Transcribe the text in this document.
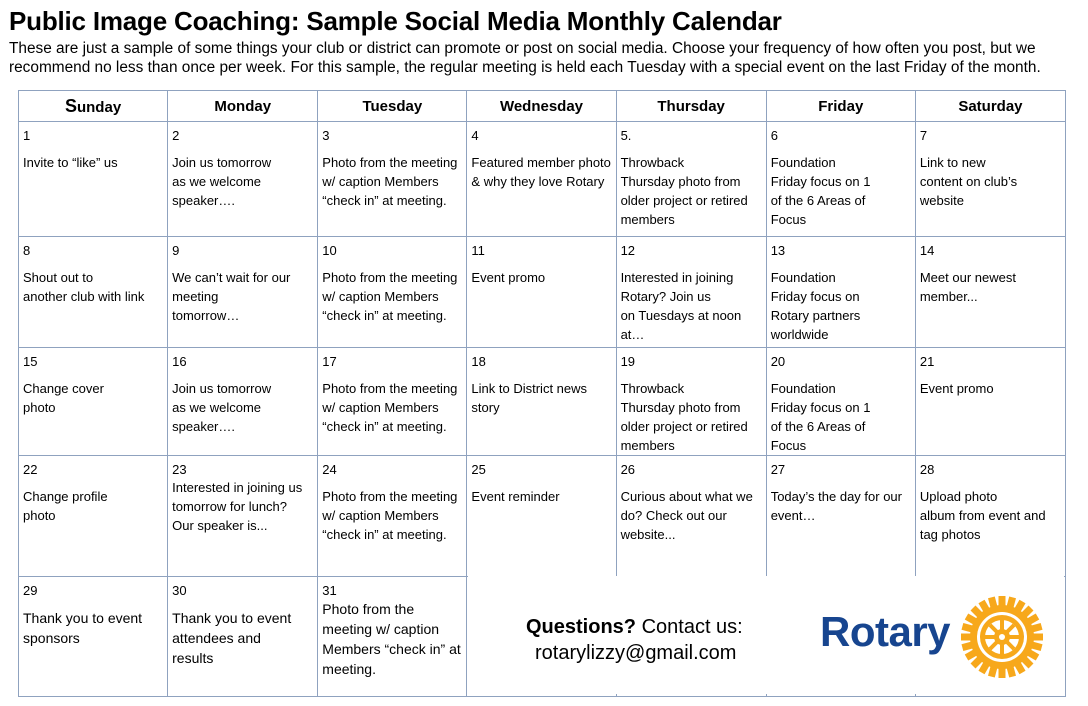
Public Image Coaching: Sample Social Media Monthly Calendar
These are just a sample of some things your club or district can promote or post on social media. Choose your frequency of how often you post, but we recommend no less than once per week. For this sample, the regular meeting is held each Tuesday with a special event on the last Friday of the month.
Sunday	Monday	Tuesday	Wednesday	Thursday	Friday	Saturday

1
Invite to “like” us	2
Join us tomorrow
as we welcome
speaker….	3
Photo from the meeting
w/ caption Members
“check in” at meeting.	4
Featured member photo
& why they love Rotary	5.
Throwback
Thursday photo from
older project or retired
members	6
Foundation
Friday focus on 1
of the 6 Areas of
Focus	7
Link to new
content on club’s
website

8
Shout out to
another club with link	9
We can’t wait for our
meeting
tomorrow…	10
Photo from the meeting
w/ caption Members
“check in” at meeting.	11
Event promo	12
Interested in joining
Rotary? Join us
on Tuesdays at noon
at…	13
Foundation
Friday focus on
Rotary partners
worldwide	14
Meet our newest
member...

15
Change cover
photo	16
Join us tomorrow
as we welcome
speaker….	17
Photo from the meeting
w/ caption Members
“check in” at meeting.	18
Link to District news
story	19
Throwback
Thursday photo from
older project or retired
members	20
Foundation
Friday focus on 1
of the 6 Areas of
Focus	21
Event promo

22
Change profile
photo	23
Interested in joining us
tomorrow for lunch?
Our speaker is...	24
Photo from the meeting
w/ caption Members
“check in” at meeting.	25
Event reminder	26
Curious about what we
do? Check out our
website...	27
Today’s the day for our
event…	28
Upload photo
album from event and
tag photos

29
Thank you to event
sponsors	30
Thank you to event
attendees and
results	31
Photo from the
meeting w/ caption
Members “check in” at
meeting.				

Questions? Contact us:
rotarylizzy@gmail.com Rotary
